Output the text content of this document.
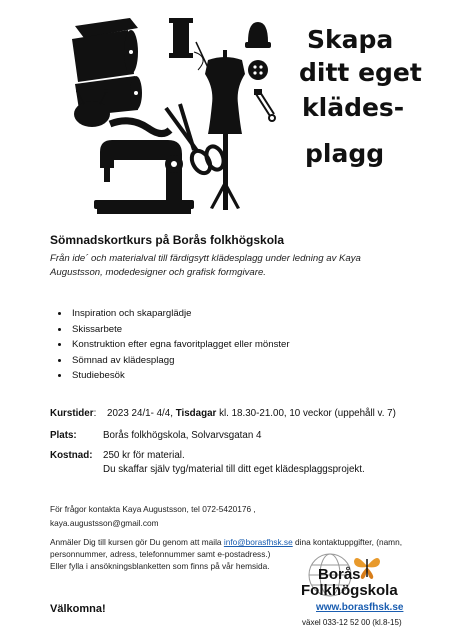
Skapa
ditt eget
klädes-
plagg
Sömnadskortkurs på Borås folkhögskola
Från ide´ och materialval till färdigsytt klädesplagg under ledning av Kaya Augustsson, modedesigner och grafisk formgivare.
• Inspiration och skaparglädje
• Skissarbete
• Konstruktion efter egna favoritplagget eller mönster
• Sömnad av klädesplagg
• Studiebesök
Kurstider: 2023 24/1- 4/4, Tisdagar kl. 18.30-21.00, 10 veckor (uppehåll v. 7)
Plats:	Borås folkhögskola, Solvarvsgatan 4
Kostnad: 250 kr för material.
Du skaffar själv tyg/material till ditt eget klädesplaggsprojekt.
För frågor kontakta Kaya Augustsson, tel 072-5420176 ,
kaya.augustsson@gmail.com
Anmäler Dig till kursen gör Du genom att maila info@borasfhsk.se dina kontaktuppgifter, (namn,
personnummer, adress, telefonnummer samt e-postadress.)
Eller fylla i ansökningsblanketten som finns på vår hemsida.
Välkomna!
Borås
Folkhögskola
www.borasfhsk.se
växel 033-12 52 00 (kl.8-15)
